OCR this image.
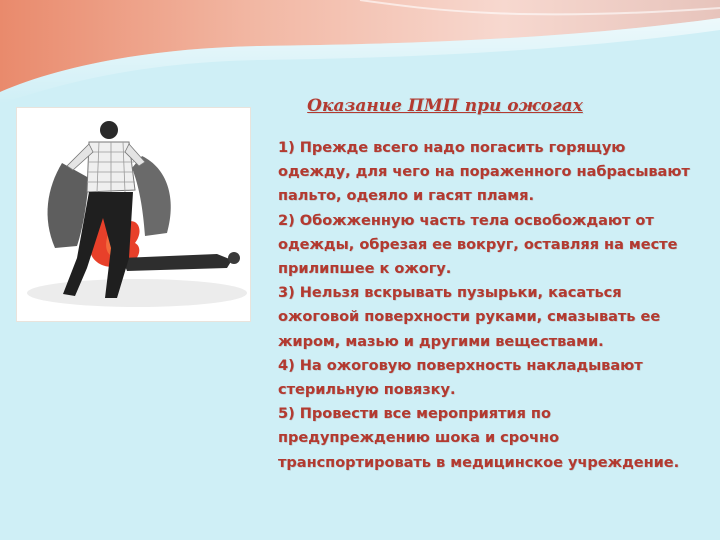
Оказание ПМП при ожогах

1) Прежде всего надо погасить горящую одежду, для чего на пораженного набрасывают пальто, одеяло и гасят пламя.

2) Обожженную часть тела освобождают от одежды, обрезая ее вокруг, оставляя на месте прилипшее к ожогу.

3) Нельзя вскрывать пузырьки, касаться ожоговой поверхности руками, смазывать ее жиром, мазью и другими веществами.

4) На ожоговую поверхность накладывают стерильную повязку.

5) Провести все мероприятия по предупреждению шока и срочно транспортировать в медицинское учреждение.
